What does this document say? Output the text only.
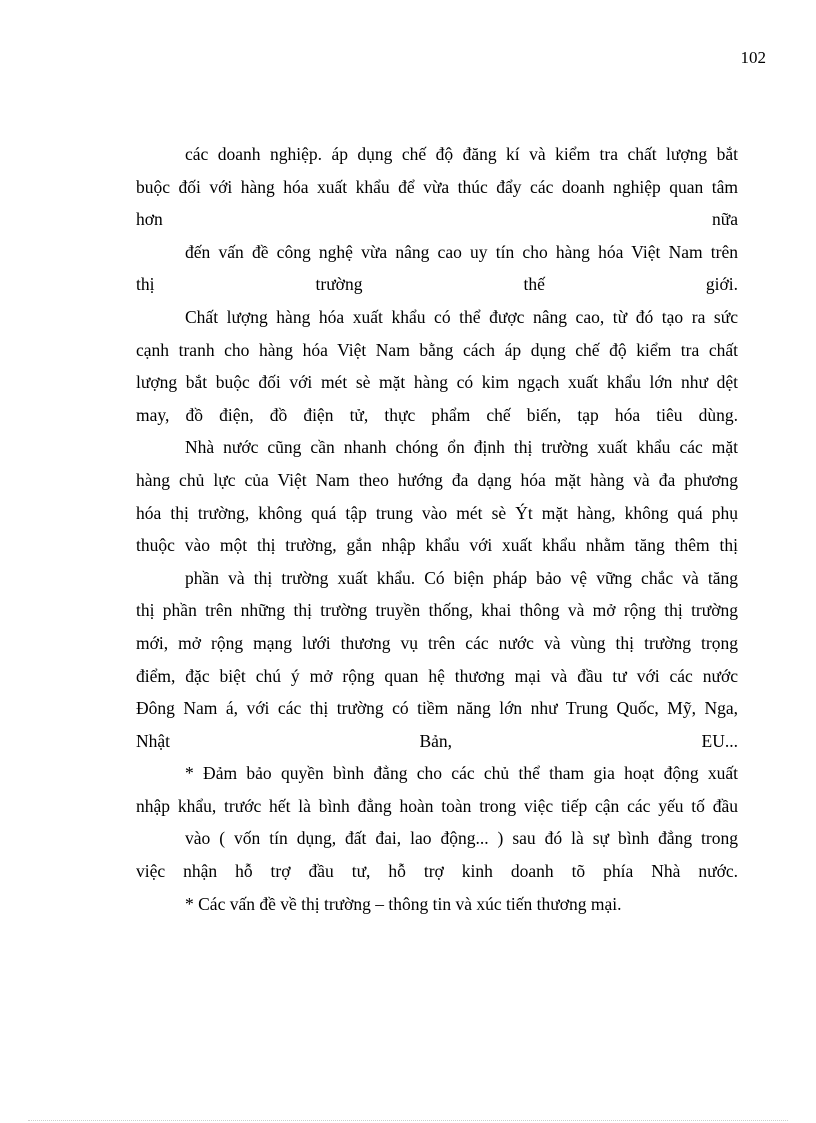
102
các doanh nghiệp. áp dụng chế độ đăng kí và kiểm tra chất lượng bắt
buộc đối với hàng hóa xuất khẩu để vừa thúc đẩy các doanh nghiệp quan tâm
hơn nữa
đến vấn đề công nghệ vừa nâng cao uy tín cho hàng hóa Việt Nam trên
thị trường thế giới.
Chất lượng hàng hóa xuất khẩu có thể được nâng cao, từ đó tạo ra sức
cạnh tranh cho hàng hóa Việt Nam bằng cách áp dụng chế độ kiểm tra chất
lượng bắt buộc đối với mét sè mặt hàng có kim ngạch xuất khẩu lớn như dệt
may, đồ điện, đồ điện tử, thực phẩm chế biến, tạp hóa tiêu dùng.
Nhà nước cũng cần nhanh chóng ổn định thị trường xuất khẩu các mặt
hàng chủ lực của Việt Nam theo hướng đa dạng hóa mặt hàng và đa phương
hóa thị trường, không quá tập trung vào mét sè Ýt mặt hàng, không quá phụ
thuộc vào một thị trường, gắn nhập khẩu với xuất khẩu nhằm tăng thêm thị
phần và thị trường xuất khẩu. Có biện pháp bảo vệ vững chắc và tăng
thị phần trên những thị trường truyền thống, khai thông và mở rộng thị trường
mới, mở rộng mạng lưới thương vụ trên các nước và vùng thị trường trọng
điểm, đặc biệt chú ý mở rộng quan hệ thương mại và đầu tư với các nước
Đông Nam á, với các thị trường có tiềm năng lớn như Trung Quốc, Mỹ, Nga,
Nhật Bản, EU...
* Đảm bảo quyền bình đẳng cho các chủ thể tham gia hoạt động xuất
nhập khẩu, trước hết là bình đẳng hoàn toàn trong việc tiếp cận các yếu tố đầu
vào ( vốn tín dụng, đất đai, lao động... ) sau đó là sự bình đẳng trong
việc nhận hỗ trợ đầu tư, hỗ trợ kinh doanh tõ phía Nhà nước.
* Các vấn đề về thị trường – thông tin và xúc tiến thương mại.
